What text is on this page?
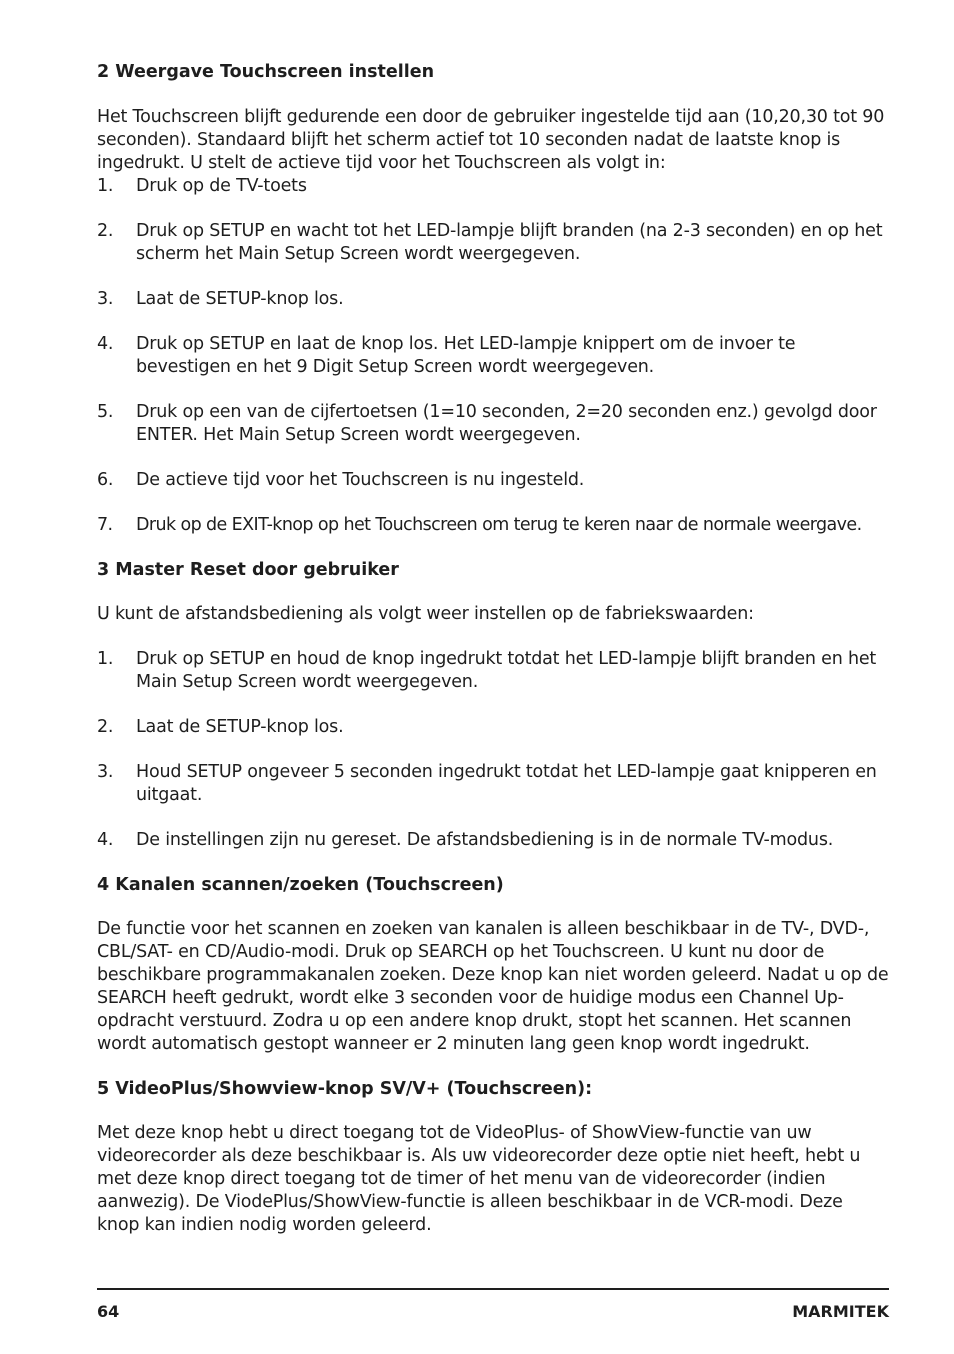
2 Weergave Touchscreen instellen

Het Touchscreen blijft gedurende een door de gebruiker ingestelde tijd aan (10,20,30 tot 90 seconden). Standaard blijft het scherm actief tot 10 seconden nadat de laatste knop is ingedrukt. U stelt de actieve tijd voor het Touchscreen als volgt in:

1.	Druk op de TV-toets
2.	Druk op SETUP en wacht tot het LED-lampje blijft branden (na 2-3 seconden) en op het scherm het Main Setup Screen wordt weergegeven.
3.	Laat de SETUP-knop los.
4.	Druk op SETUP en laat de knop los. Het LED-lampje knippert om de invoer te bevestigen en het 9 Digit Setup Screen wordt weergegeven.
5.	Druk op een van de cijfertoetsen (1=10 seconden, 2=20 seconden enz.) gevolgd door ENTER. Het Main Setup Screen wordt weergegeven.
6.	De actieve tijd voor het Touchscreen is nu ingesteld.
7.	Druk op de EXIT-knop op het Touchscreen om terug te keren naar de normale weergave.
3 Master Reset door gebruiker

U kunt de afstandsbediening als volgt weer instellen op de fabriekswaarden:

1.	Druk op SETUP en houd de knop ingedrukt totdat het LED-lampje blijft branden en het Main Setup Screen wordt weergegeven.
2.	Laat de SETUP-knop los.
3.	Houd SETUP ongeveer 5 seconden ingedrukt totdat het LED-lampje gaat knipperen en uitgaat.
4.	De instellingen zijn nu gereset. De afstandsbediening is in de normale TV-modus.
4 Kanalen scannen/zoeken (Touchscreen)

De functie voor het scannen en zoeken van kanalen is alleen beschikbaar in de TV-, DVD-, CBL/SAT- en CD/Audio-modi. Druk op SEARCH op het Touchscreen. U kunt nu door de beschikbare programmakanalen zoeken. Deze knop kan niet worden geleerd. Nadat u op de SEARCH heeft gedrukt, wordt elke 3 seconden voor de huidige modus een Channel Up-opdracht verstuurd. Zodra u op een andere knop drukt, stopt het scannen. Het scannen wordt automatisch gestopt wanneer er 2 minuten lang geen knop wordt ingedrukt.

5 VideoPlus/Showview-knop SV/V+ (Touchscreen):

Met deze knop hebt u direct toegang tot de VideoPlus- of ShowView-functie van uw videorecorder als deze beschikbaar is. Als uw videorecorder deze optie niet heeft, hebt u met deze knop direct toegang tot de timer of het menu van de videorecorder (indien aanwezig). De ViodePlus/ShowView-functie is alleen beschikbaar in de VCR-modi. Deze knop kan indien nodig worden geleerd.

64	MARMITEK
